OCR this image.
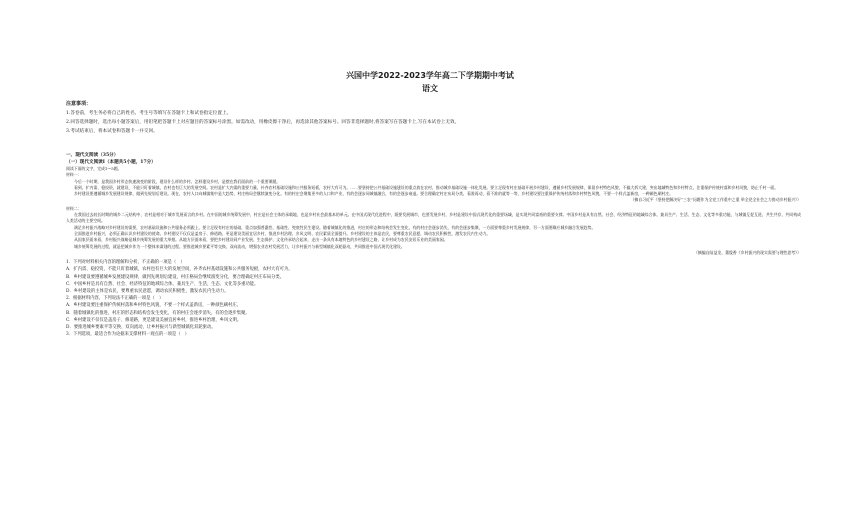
兴国中学2022-2023学年高二下学期期中考试
语文
注意事项：
1.答卷前，考生务必将自己的姓名、考生号等填写在答题卡上和试卷指定位置上。
2.回答选择题时，选出每小题答案后，用铅笔把答题卡上对应题目的答案标号涂黑。如需改动，用橡皮擦干净后，再选涂其他答案标号。回答非选择题时,将答案写在答题卡上,写在本试卷上无效。
3.考试结束后，将本试卷和答题卡一并交回。
一、现代文阅读（35分）
（一）现代文阅读Ⅰ（本题共5小题，17分）
阅读下面的文字，完成1～5题。
材料一：

今后一个时期，是我国乡村形态快速演变的阶段，建设什么样的乡村、怎样建设乡村，是摆在我们面前的一个重要课题。

看到，扩内需、稳投资，就建设，不能只盯着城镇，农村也有巨大的发展空间。农村是扩大内需的重要力量，补齐农村基础设施和公共服务短板，农村大有可为。……要坚持把公共基础设施建设的重点放在农村，推动城乡基础设施一体化发展。要立足现有村庄基础开展乡村建设，遵循乡村发展规律，保留乡村特色风貌，不搞大拆大建，突出地域特色和乡村特点，注重保护传统村落和乡村风貌，防止千村一面。

乡村建设要遵循城乡发展建设规律，做到先规划后建设。现在，农村人口向城镇集中是大趋势，村庄格局会继续演变分化。有的村庄会聚集更多的人口和产业，有的会逐步同城镇融合，有的会逐步衰退。要合理确定村庄布局分类，看准再动，看不准的就等一等，乡村建设要注重保护传统村落和乡村特色风貌，不要一个样式盖新房，一种颜色刷村庄。

（摘自习近平《坚持把解决好“三农”问题作为全党工作重中之重 举全党全社会之力推动乡村振兴》）

材料二：

在我国过去较长时期的城乡二元结构中，农村是相对于城市发展而言的乡村。在中国的城乡统筹发展中，村庄是社会主体的承载地，也是乡村社会最基本的单元。在中国式现代化进程中，既要发展城市，也要发展乡村，乡村是建设中国式现代化的重要场域，是实现共同富裕的重要支撑。中国乡村是具有自然、社会、经济特征的地域综合体，兼具生产、生活、生态、文化等多重功能，与城镇互促互进、共生共存，共同构成人类活动的主要空间。

满足乡村振兴战略对乡村建设的需要，农村基础设施和公共服务必须跟上，要立足现有村庄的基础，重点加强普惠性、基础性、兜底性民生建设。随着城镇化的推进，村庄的形态和结构会发生变化，有的村庄会逐步消失，有的会逐步集聚，一方面要尊重乡村发展规律，另一方面要顺应城乡融合发展趋势。

全面推进乡村振兴，必须正确认识乡村建设的使命。乡村建设不仅仅是盖房子、修道路，更是建设美丽宜居乡村，推进乡村治理、乡风文明、农民素质全面提升。乡村建设的主体是农民，要尊重农民意愿，调动农民积极性，激发农民内生动力。

从国家层面来看，乡村振兴战略是城乡统筹发展的重大举措。从地方层面来看，要把乡村建设同产业发展、生态保护、文化传承结合起来，走出一条具有本地特色的乡村建设之路，让乡村成为农民安居乐业的美丽家园。

城乡统筹发展的过程，就是把城乡作为一个整体来谋划的过程。要推进城乡要素平等交换、双向流动，增强农业农村发展活力，让乡村振兴与新型城镇化双轮驱动，共同推进中国式现代化建设。

（摘编自陆益龙、董俊香《乡村振兴的现实需要与理性思考》）

1．下列对材料相关内容的理解和分析，不正确的一项是（　）
A．扩内需、稳投资，不能只盯着城镇，农村也有巨大的发展空间，补齐农村基础设施和公共服务短板，农村大有可为。
B．乡村建设要遵循城乡发展建设规律，做到先规划后建设，村庄格局会继续演变分化，要合理确定村庄布局分类。
C．中国乡村是具有自然、社会、经济特征的地域综合体，兼具生产、生活、生态、文化等多重功能。
D．乡村建设的主体是农民，要尊重农民意愿，调动农民积极性，激发农民内生动力。
2．根据材料内容，下列说法不正确的一项是（　）
A．乡村建设要注重保护传统村落和乡村特色风貌，不要一个样式盖新房，一种颜色刷村庄。
B．随着城镇化的推进，村庄的形态和结构会发生变化，有的村庄会逐步消失，有的会逐步集聚。
C．乡村建设不仅仅是盖房子、修道路，更是建设美丽宜居乡村，推进乡村治理、乡风文明。
D．要推进城乡要素平等交换、双向流动，让乡村振兴与新型城镇化双轮驱动。
3．下列选项，最适合作为论据来支撑材料一观点的一项是（　）
